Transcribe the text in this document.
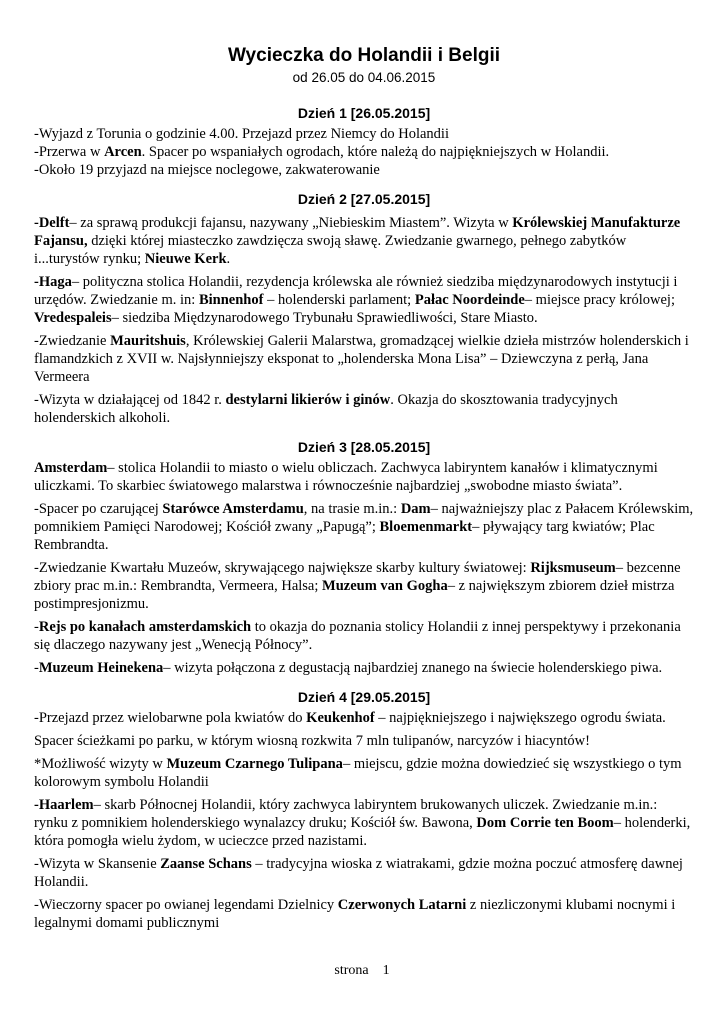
Wycieczka do Holandii i Belgii
od 26.05 do 04.06.2015
Dzień 1 [26.05.2015]

-Wyjazd z Torunia o godzinie 4.00. Przejazd przez Niemcy do Holandii

-Przerwa w Arcen. Spacer po wspaniałych ogrodach, które należą do najpiękniejszych w Holandii.

-Około 19 przyjazd na miejsce noclegowe, zakwaterowanie

Dzień 2 [27.05.2015]

-Delft– za sprawą produkcji fajansu, nazywany „Niebieskim Miastem”. Wizyta w Królewskiej Manufakturze Fajansu, dzięki której miasteczko zawdzięcza swoją sławę. Zwiedzanie gwarnego, pełnego zabytków i...turystów rynku; Nieuwe Kerk.

-Haga– polityczna stolica Holandii, rezydencja królewska ale również siedziba międzynarodowych instytucji i urzędów. Zwiedzanie m. in: Binnenhof – holenderski parlament; Pałac Noordeinde– miejsce pracy królowej; Vredespaleis– siedziba Międzynarodowego Trybunału Sprawiedliwości, Stare Miasto.

-Zwiedzanie Mauritshuis, Królewskiej Galerii Malarstwa, gromadzącej wielkie dzieła mistrzów holenderskich i flamandzkich z XVII w. Najsłynniejszy eksponat to „holenderska Mona Lisa” – Dziewczyna z perłą, Jana Vermeera

-Wizyta w działającej od 1842 r. destylarni likierów i ginów. Okazja do skosztowania tradycyjnych holenderskich alkoholi.

Dzień 3 [28.05.2015]

Amsterdam– stolica Holandii to miasto o wielu obliczach. Zachwyca labiryntem kanałów i klimatycznymi uliczkami. To skarbiec światowego malarstwa i równocześnie najbardziej „swobodne miasto świata”.

-Spacer po czarującej Starówce Amsterdamu, na trasie m.in.: Dam– najważniejszy plac z Pałacem Królewskim, pomnikiem Pamięci Narodowej; Kościół zwany „Papugą”; Bloemenmarkt– pływający targ kwiatów; Plac Rembrandta.

-Zwiedzanie Kwartału Muzeów, skrywającego największe skarby kultury światowej: Rijksmuseum– bezcenne zbiory prac m.in.: Rembrandta, Vermeera, Halsa; Muzeum van Gogha– z największym zbiorem dzieł mistrza postimpresjonizmu.

-Rejs po kanałach amsterdamskich to okazja do poznania stolicy Holandii z innej perspektywy i przekonania się dlaczego nazywany jest „Wenecją Północy”.

-Muzeum Heinekena– wizyta połączona z degustacją najbardziej znanego na świecie holenderskiego piwa.

Dzień 4 [29.05.2015]

-Przejazd przez wielobarwne pola kwiatów do Keukenhof – najpiękniejszego i największego ogrodu świata.

Spacer ścieżkami po parku, w którym wiosną rozkwita 7 mln tulipanów, narcyzów i hiacyntów!

*Możliwość wizyty w Muzeum Czarnego Tulipana– miejscu, gdzie można dowiedzieć się wszystkiego o tym kolorowym symbolu Holandii

-Haarlem– skarb Północnej Holandii, który zachwyca labiryntem brukowanych uliczek. Zwiedzanie m.in.: rynku z pomnikiem holenderskiego wynalazcy druku; Kościół św. Bawona, Dom Corrie ten Boom– holenderki, która pomogła wielu żydom, w ucieczce przed nazistami.

-Wizyta w Skansenie Zaanse Schans – tradycyjna wioska z wiatrakami, gdzie można poczuć atmosferę dawnej Holandii.

-Wieczorny spacer po owianej legendami Dzielnicy Czerwonych Latarni z niezliczonymi klubami nocnymi i legalnymi domami publicznymi

strona 1
